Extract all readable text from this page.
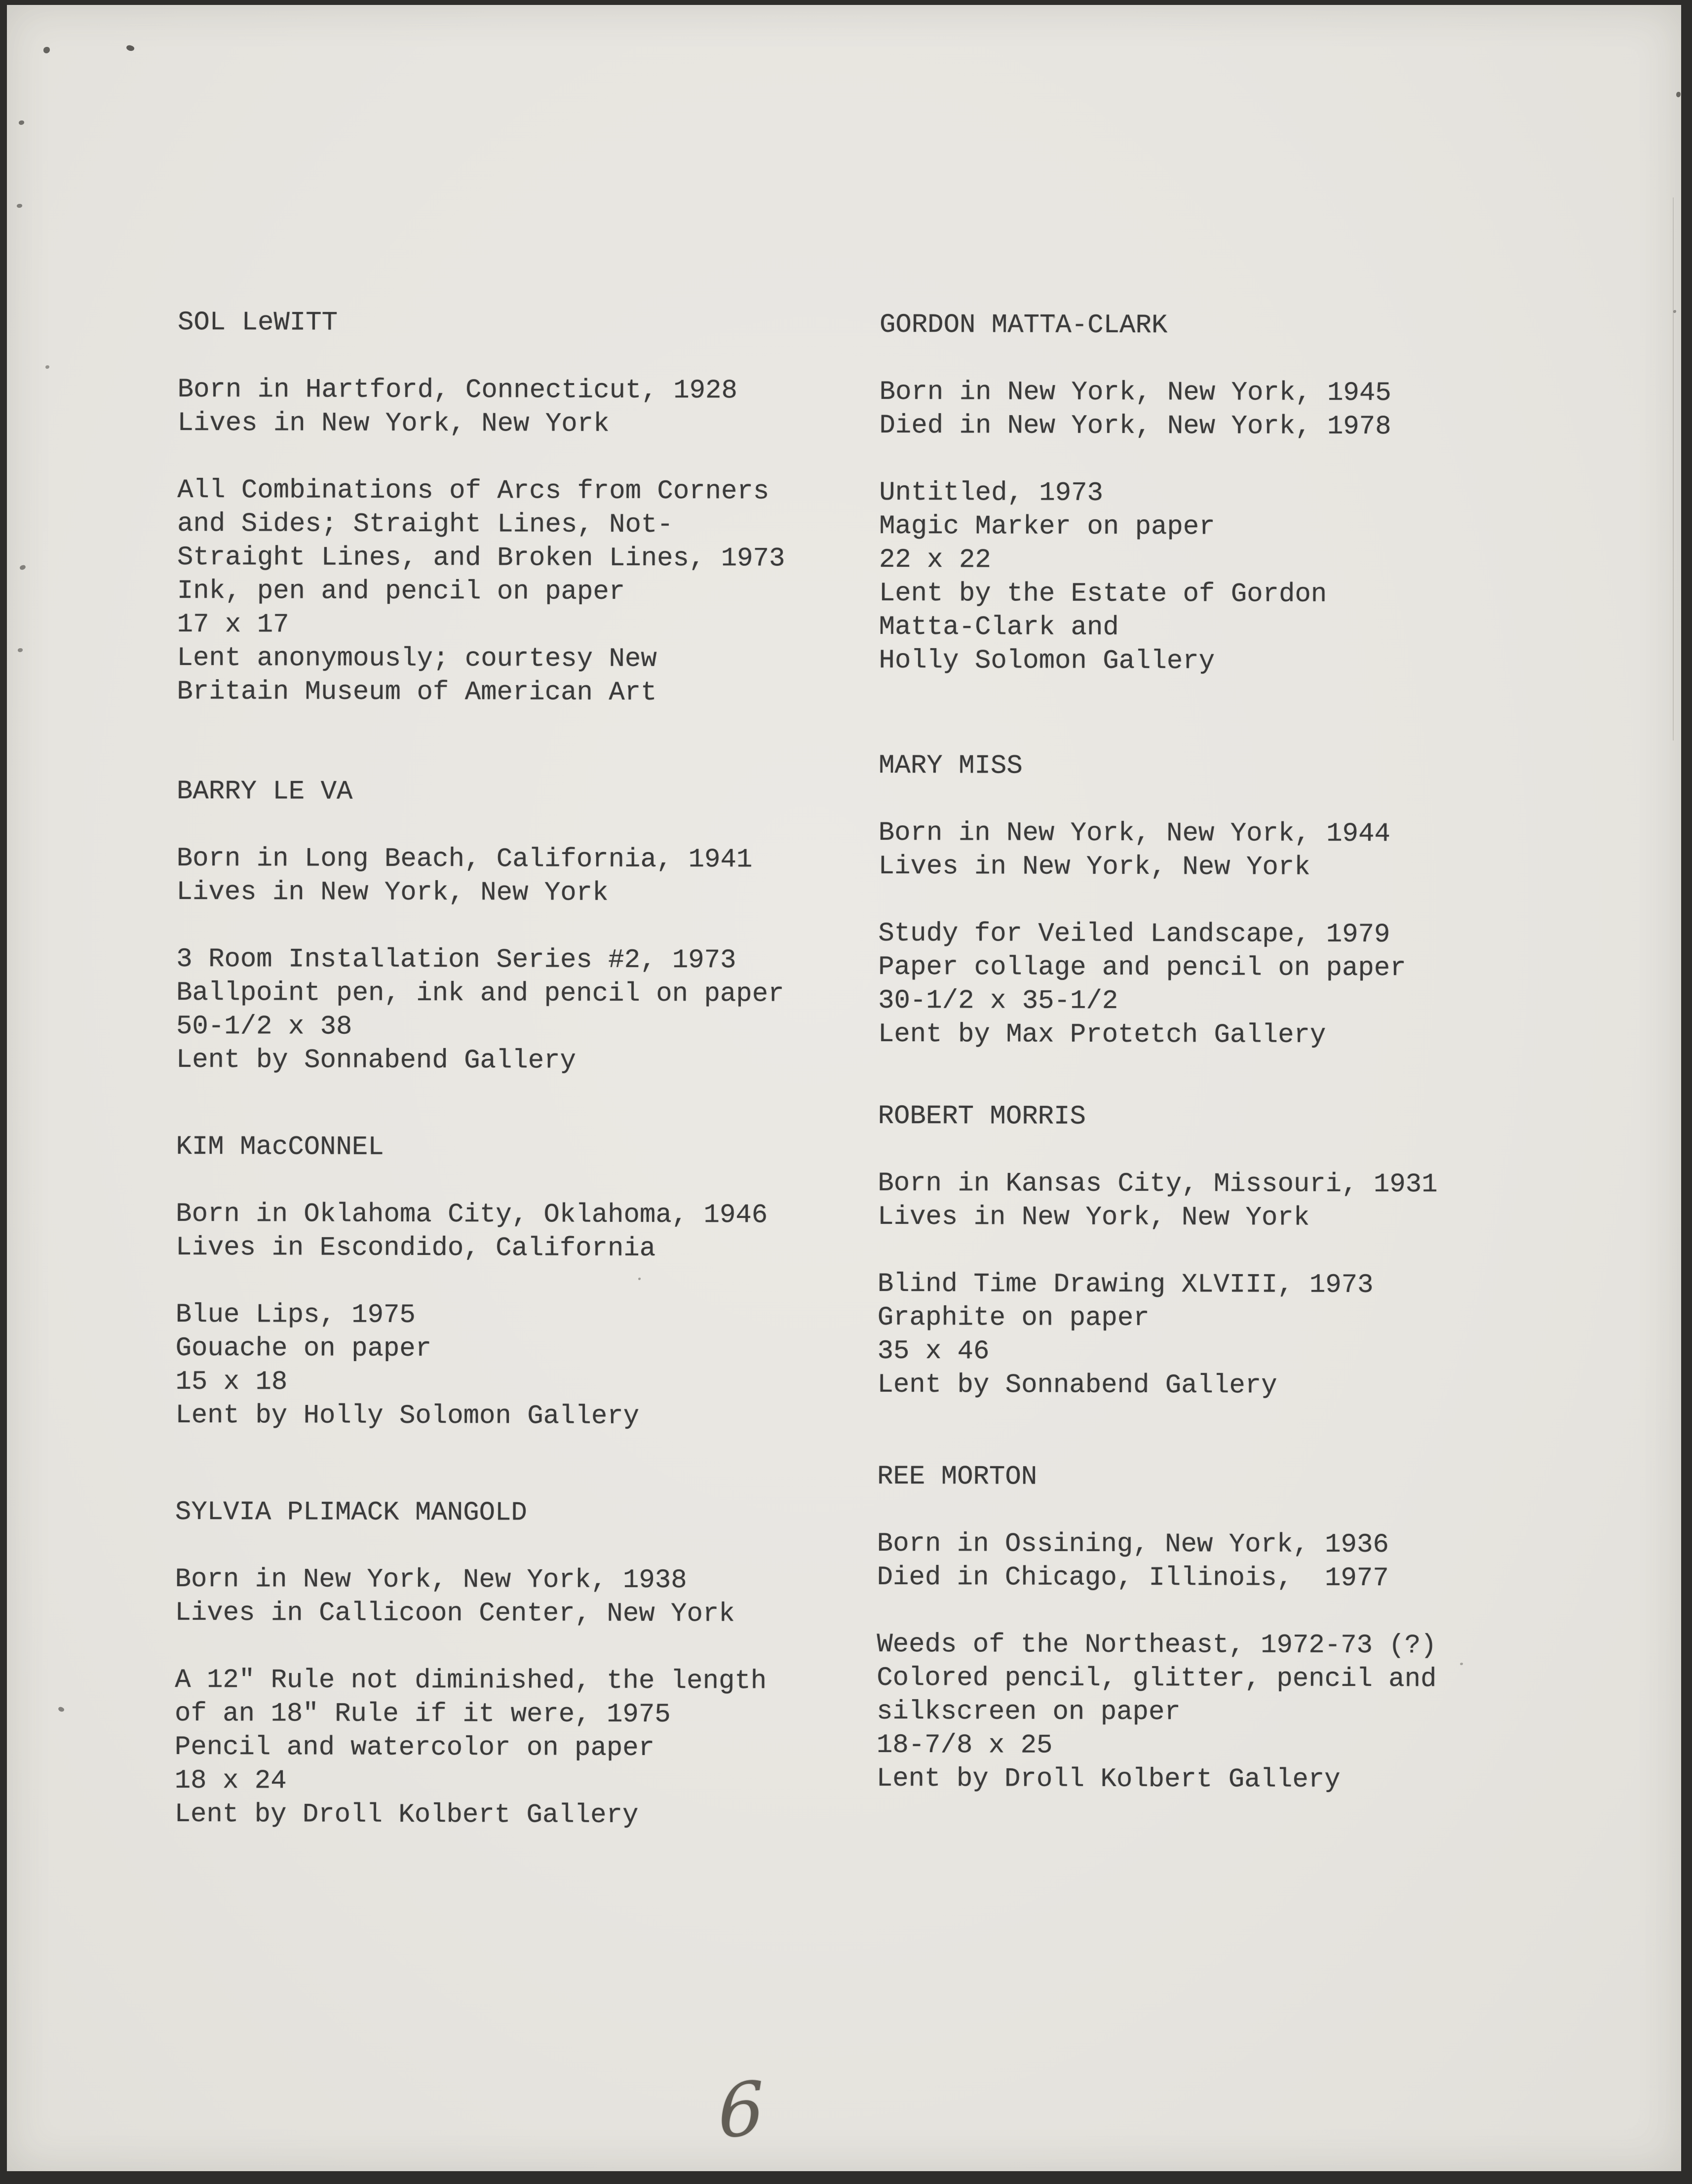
SOL LeWITT

Born in Hartford, Connecticut, 1928
Lives in New York, New York

All Combinations of Arcs from Corners
and Sides; Straight Lines, Not-
Straight Lines, and Broken Lines, 1973
Ink, pen and pencil on paper
17 x 17
Lent anonymously; courtesy New
Britain Museum of American Art
BARRY LE VA

Born in Long Beach, California, 1941
Lives in New York, New York

3 Room Installation Series #2, 1973
Ballpoint pen, ink and pencil on paper
50-1/2 x 38
Lent by Sonnabend Gallery
KIM MacCONNEL

Born in Oklahoma City, Oklahoma, 1946
Lives in Escondido, California

Blue Lips, 1975
Gouache on paper
15 x 18
Lent by Holly Solomon Gallery
SYLVIA PLIMACK MANGOLD

Born in New York, New York, 1938
Lives in Callicoon Center, New York

A 12" Rule not diminished, the length
of an 18" Rule if it were, 1975
Pencil and watercolor on paper
18 x 24
Lent by Droll Kolbert Gallery
GORDON MATTA-CLARK

Born in New York, New York, 1945
Died in New York, New York, 1978

Untitled, 1973
Magic Marker on paper
22 x 22
Lent by the Estate of Gordon
Matta-Clark and
Holly Solomon Gallery
MARY MISS

Born in New York, New York, 1944
Lives in New York, New York

Study for Veiled Landscape, 1979
Paper collage and pencil on paper
30-1/2 x 35-1/2
Lent by Max Protetch Gallery
ROBERT MORRIS

Born in Kansas City, Missouri, 1931
Lives in New York, New York

Blind Time Drawing XLVIII, 1973
Graphite on paper
35 x 46
Lent by Sonnabend Gallery
REE MORTON

Born in Ossining, New York, 1936
Died in Chicago, Illinois,  1977

Weeds of the Northeast, 1972-73 (?)
Colored pencil, glitter, pencil and
silkscreen on paper
18-7/8 x 25
Lent by Droll Kolbert Gallery
6
